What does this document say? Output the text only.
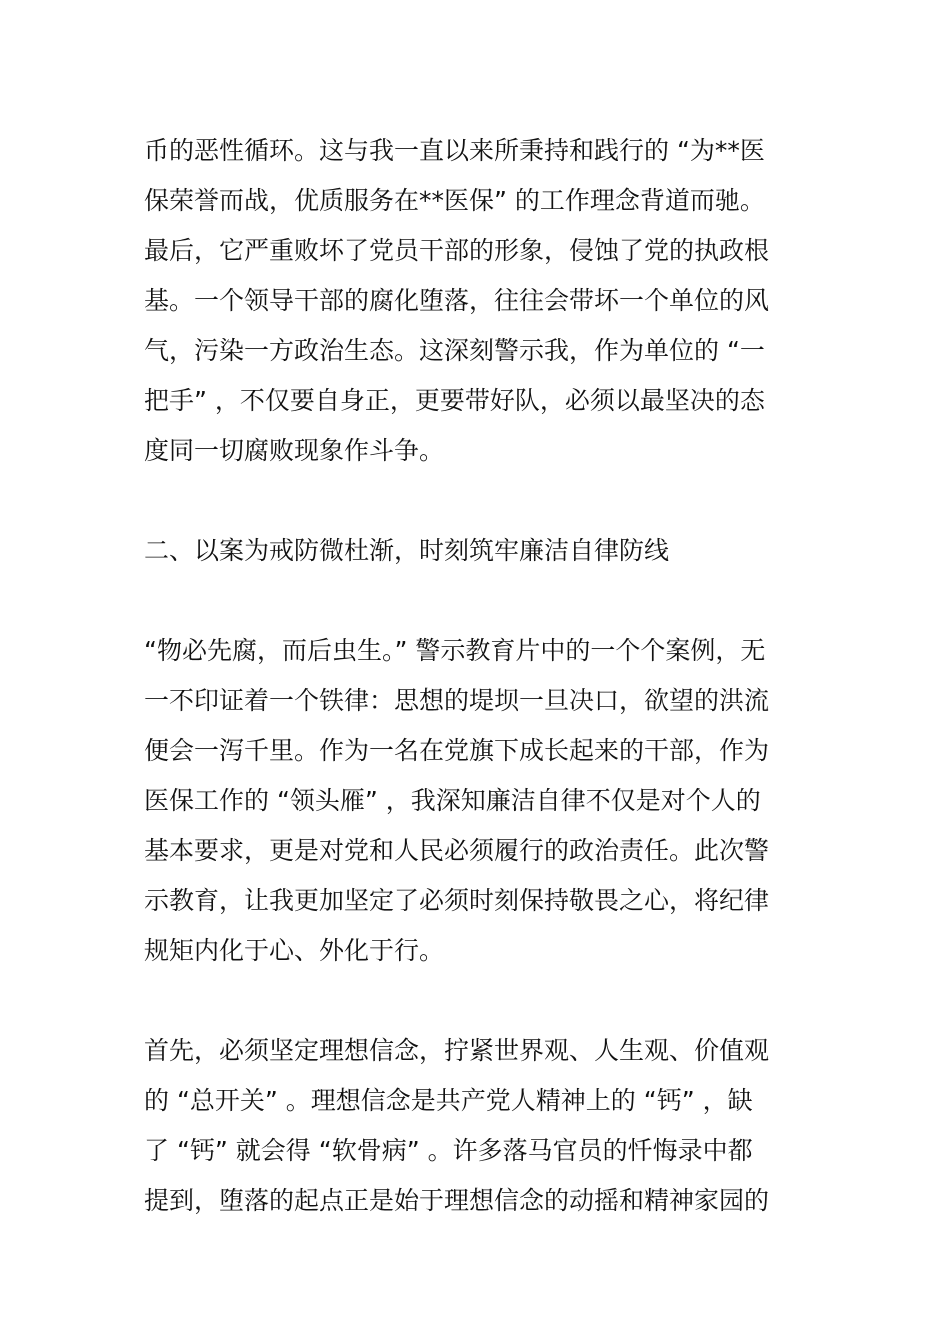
币的恶性循环。这与我一直以来所秉持和践行的 “为**医
保荣誉而战，优质服务在**医保” 的工作理念背道而驰。
最后，它严重败坏了党员干部的形象，侵蚀了党的执政根
基。一个领导干部的腐化堕落，往往会带坏一个单位的风
气，污染一方政治生态。这深刻警示我，作为单位的 “一
把手” ，不仅要自身正，更要带好队，必须以最坚决的态
度同一切腐败现象作斗争。
二、以案为戒防微杜渐，时刻筑牢廉洁自律防线
“物必先腐，而后虫生。” 警示教育片中的一个个案例，无
一不印证着一个铁律：思想的堤坝一旦决口，欲望的洪流
便会一泻千里。作为一名在党旗下成长起来的干部，作为
医保工作的 “领头雁” ，我深知廉洁自律不仅是对个人的
基本要求，更是对党和人民必须履行的政治责任。此次警
示教育，让我更加坚定了必须时刻保持敬畏之心，将纪律
规矩内化于心、外化于行。
首先，必须坚定理想信念，拧紧世界观、人生观、价值观
的 “总开关” 。理想信念是共产党人精神上的 “钙” ，缺
了 “钙” 就会得 “软骨病” 。许多落马官员的忏悔录中都
提到，堕落的起点正是始于理想信念的动摇和精神家园的
